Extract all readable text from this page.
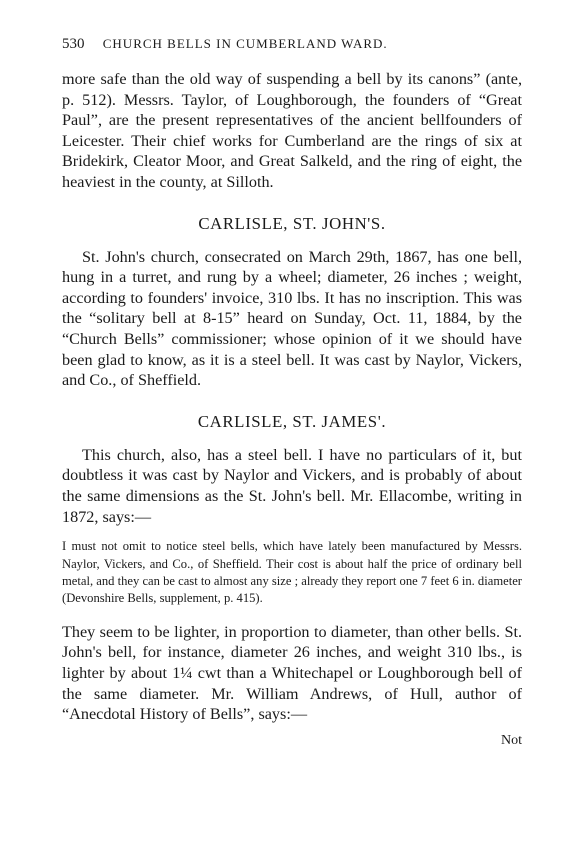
530 CHURCH BELLS IN CUMBERLAND WARD.

more safe than the old way of suspending a bell by its canons” (ante, p. 512). Messrs. Taylor, of Loughborough, the founders of “Great Paul”, are the present representatives of the ancient bellfounders of Leicester. Their chief works for Cumberland are the rings of six at Bridekirk, Cleator Moor, and Great Salkeld, and the ring of eight, the heaviest in the county, at Silloth.

CARLISLE, ST. JOHN'S.

St. John's church, consecrated on March 29th, 1867, has one bell, hung in a turret, and rung by a wheel; diameter, 26 inches ; weight, according to founders' invoice, 310 lbs. It has no inscription. This was the “solitary bell at 8-15” heard on Sunday, Oct. 11, 1884, by the “Church Bells” commissioner; whose opinion of it we should have been glad to know, as it is a steel bell. It was cast by Naylor, Vickers, and Co., of Sheffield.

CARLISLE, ST. JAMES'.

This church, also, has a steel bell. I have no particulars of it, but doubtless it was cast by Naylor and Vickers, and is probably of about the same dimensions as the St. John's bell. Mr. Ellacombe, writing in 1872, says:—

I must not omit to notice steel bells, which have lately been manufactured by Messrs. Naylor, Vickers, and Co., of Sheffield. Their cost is about half the price of ordinary bell metal, and they can be cast to almost any size ; already they report one 7 feet 6 in. diameter (Devonshire Bells, supplement, p. 415).

They seem to be lighter, in proportion to diameter, than other bells. St. John's bell, for instance, diameter 26 inches, and weight 310 lbs., is lighter by about 1¼ cwt than a Whitechapel or Loughborough bell of the same diameter. Mr. William Andrews, of Hull, author of “Anecdotal History of Bells”, says:—

Not
